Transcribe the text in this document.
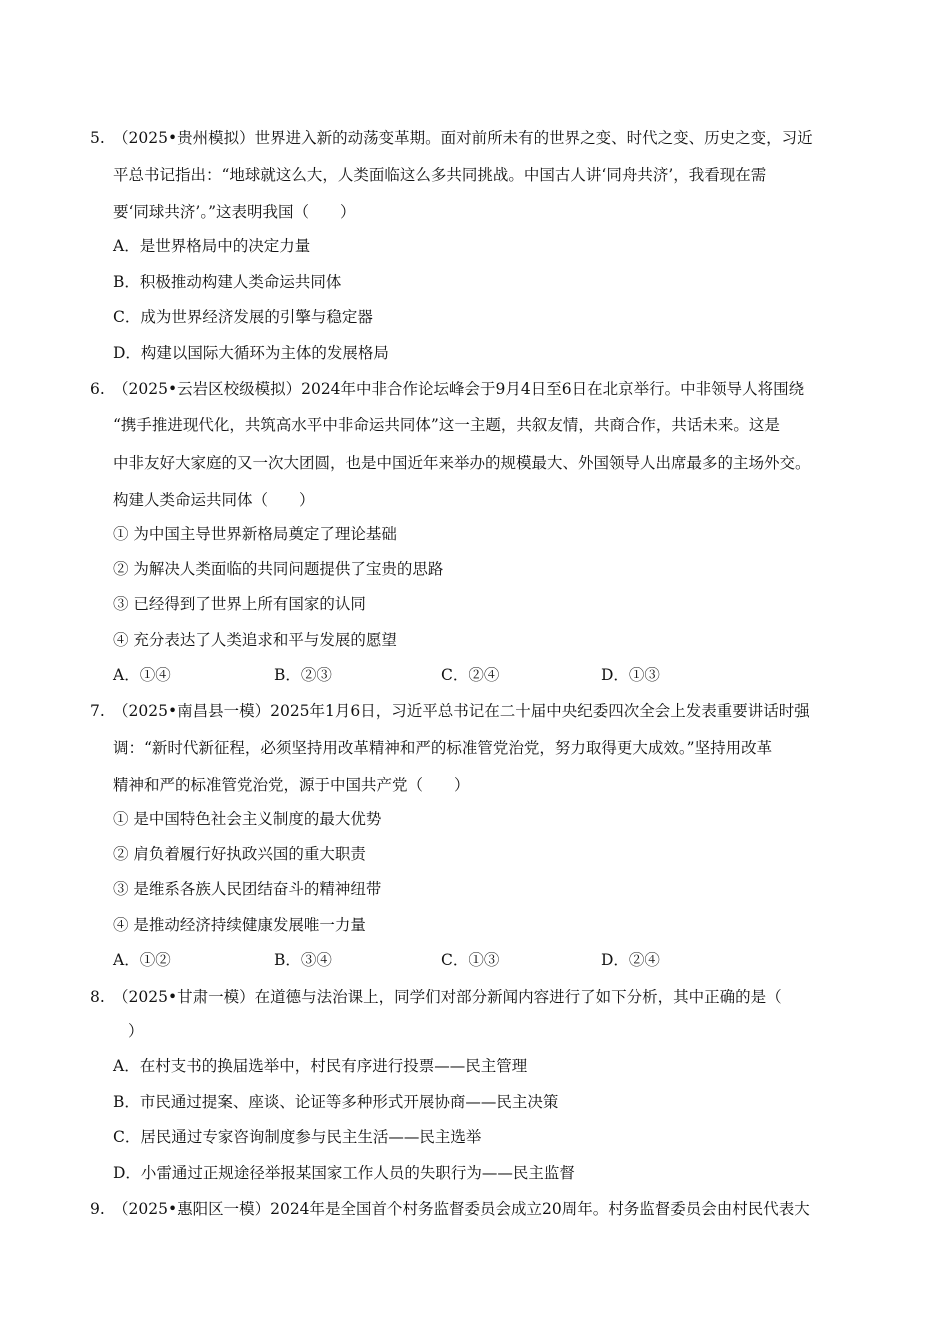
5. （2025•贵州模拟）世界进入新的动荡变革期。面对前所未有的世界之变、时代之变、历史之变，习近
平总书记指出：“地球就这么大，人类面临这么多共同挑战。中国古人讲‘同舟共济’，我看现在需
要‘同球共济’。”这表明我国（　　）
A．是世界格局中的决定力量
B．积极推动构建人类命运共同体
C．成为世界经济发展的引擎与稳定器
D．构建以国际大循环为主体的发展格局
6. （2025•云岩区校级模拟）2024年中非合作论坛峰会于9月4日至6日在北京举行。中非领导人将围绕
“携手推进现代化，共筑高水平中非命运共同体”这一主题，共叙友情，共商合作，共话未来。这是
中非友好大家庭的又一次大团圆，也是中国近年来举办的规模最大、外国领导人出席最多的主场外交。
构建人类命运共同体（　　）
① 为中国主导世界新格局奠定了理论基础
② 为解决人类面临的共同问题提供了宝贵的思路
③ 已经得到了世界上所有国家的认同
④ 充分表达了人类追求和平与发展的愿望
A．①④	B．②③	C．②④	D．①③
7. （2025•南昌县一模）2025年1月6日，习近平总书记在二十届中央纪委四次全会上发表重要讲话时强
调：“新时代新征程，必须坚持用改革精神和严的标准管党治党，努力取得更大成效。”坚持用改革
精神和严的标准管党治党，源于中国共产党（　　）
① 是中国特色社会主义制度的最大优势
② 肩负着履行好执政兴国的重大职责
③ 是维系各族人民团结奋斗的精神纽带
④ 是推动经济持续健康发展唯一力量
A．①②	B．③④	C．①③	D．②④
8. （2025•甘肃一模）在道德与法治课上，同学们对部分新闻内容进行了如下分析，其中正确的是（
）
A．在村支书的换届选举中，村民有序进行投票——民主管理
B．市民通过提案、座谈、论证等多种形式开展协商——民主决策
C．居民通过专家咨询制度参与民主生活——民主选举
D．小雷通过正规途径举报某国家工作人员的失职行为——民主监督
9. （2025•惠阳区一模）2024年是全国首个村务监督委员会成立20周年。村务监督委员会由村民代表大
